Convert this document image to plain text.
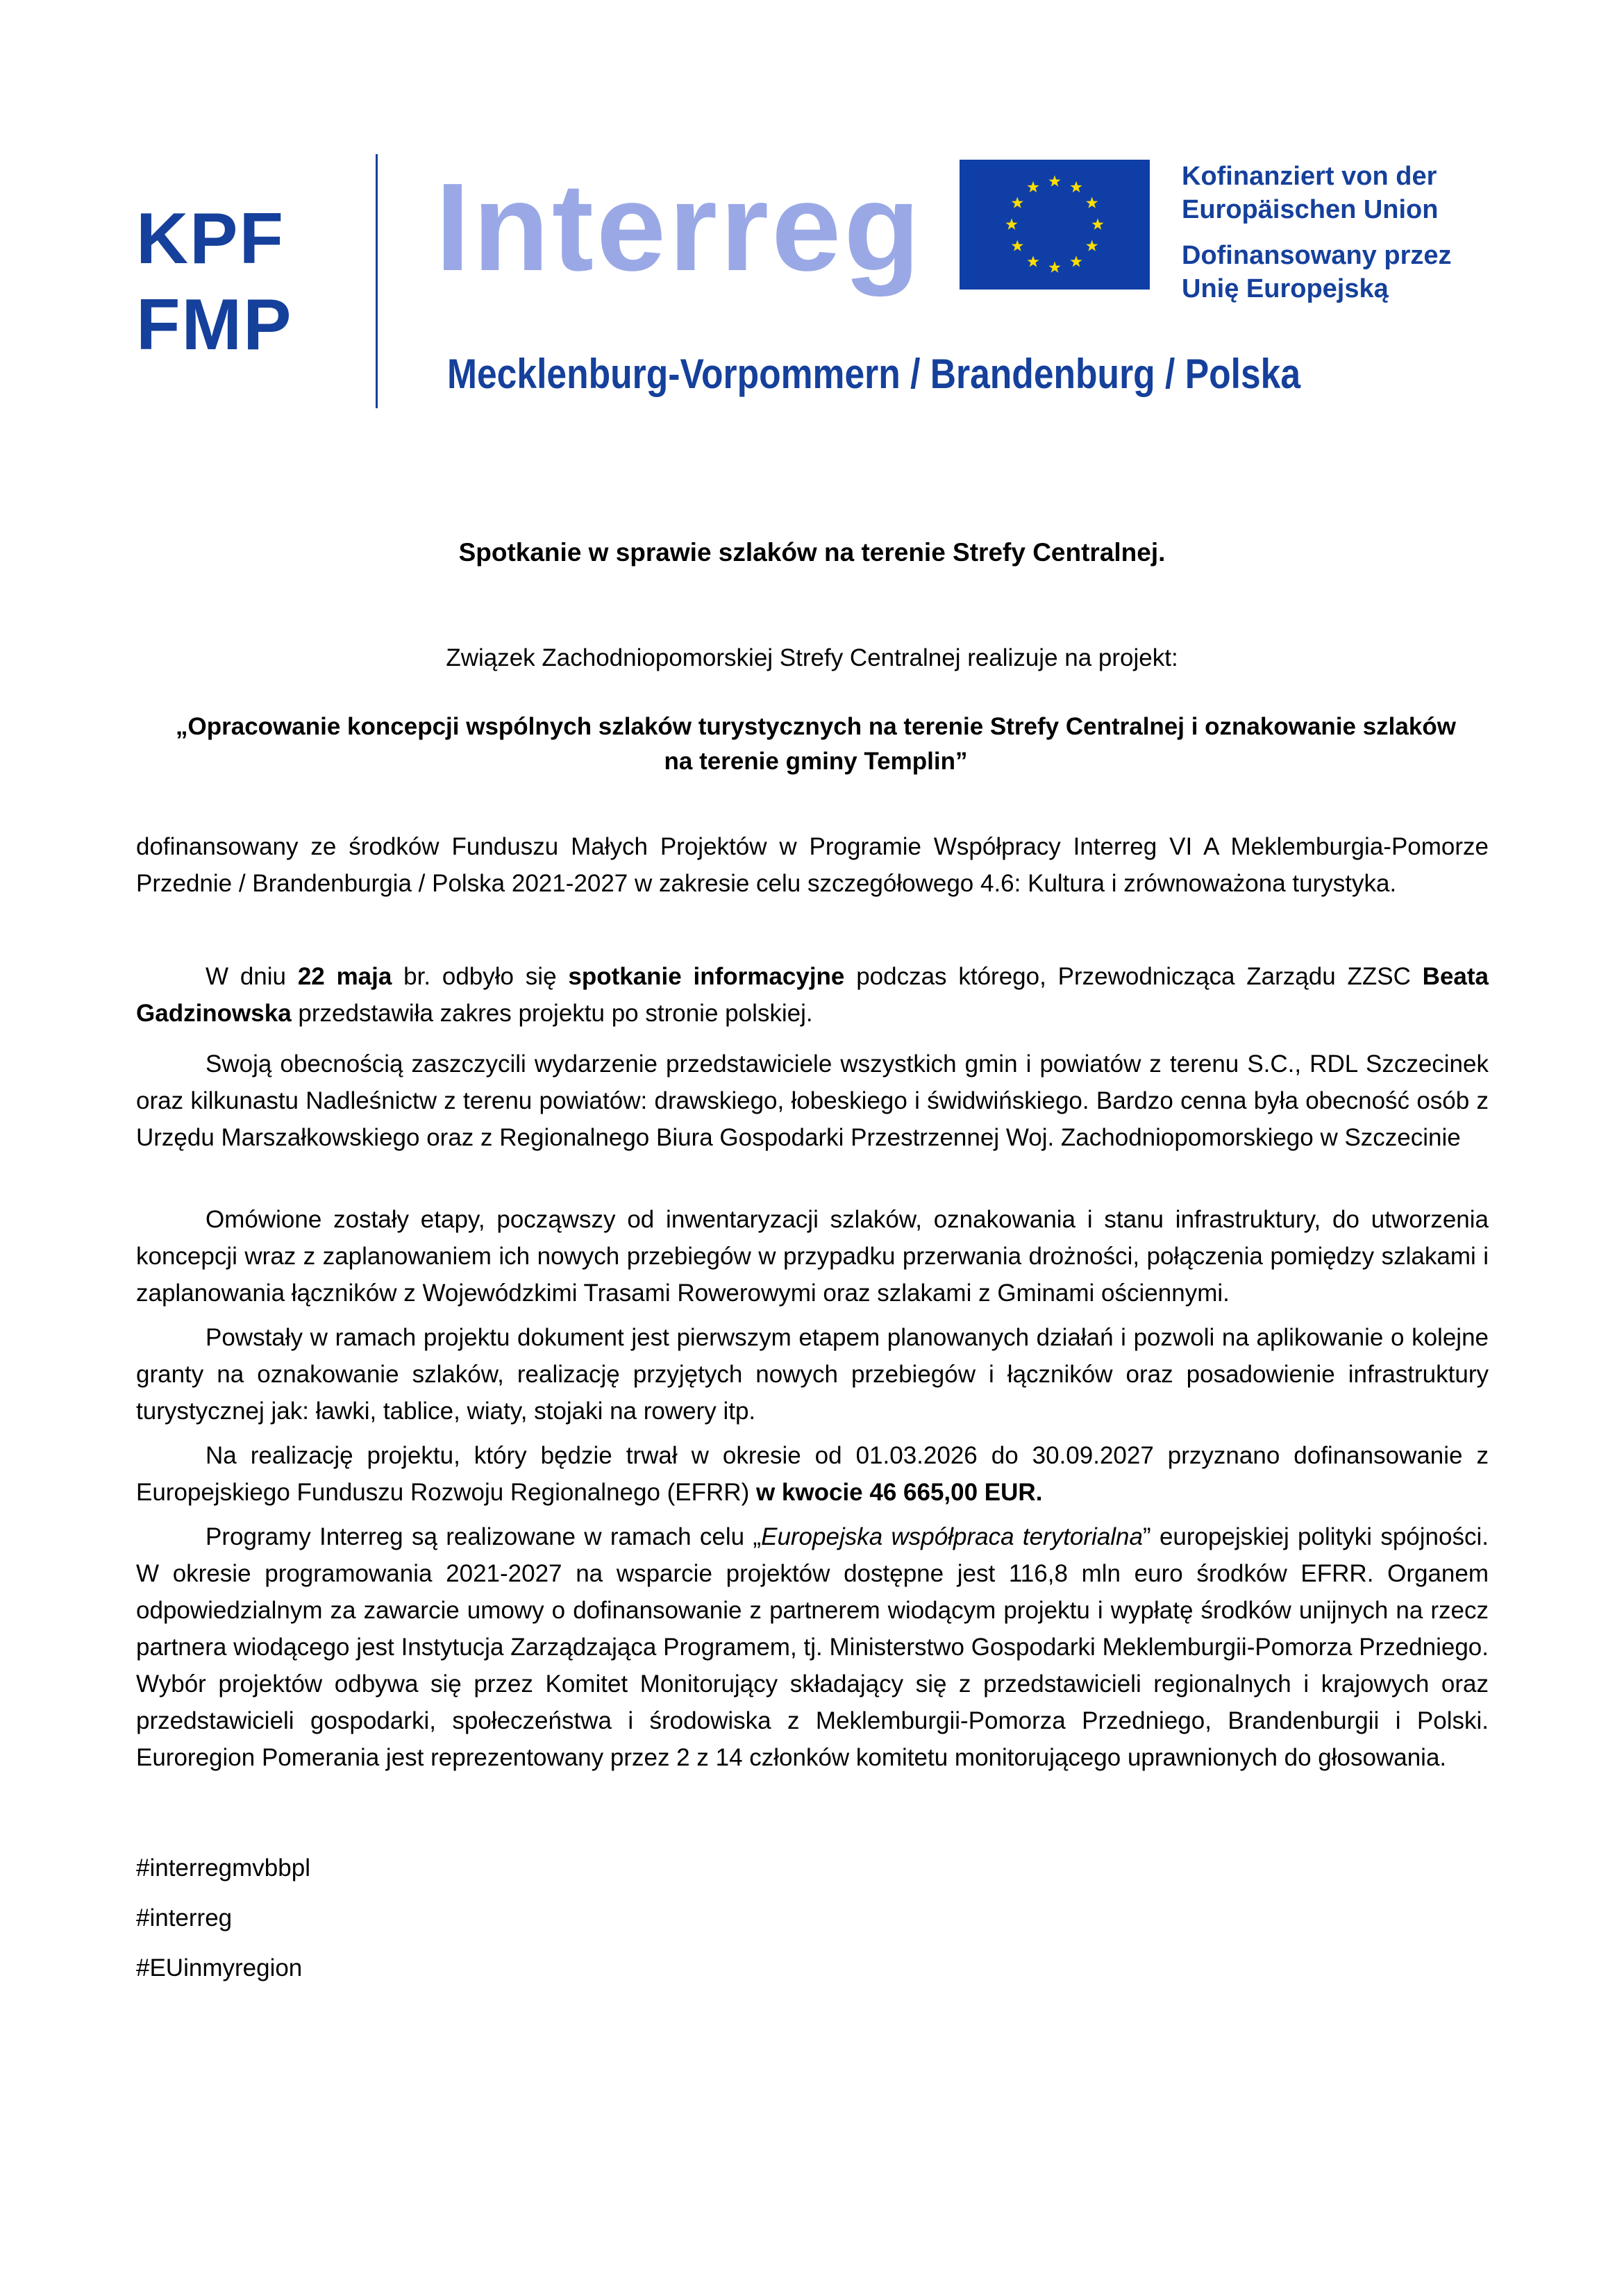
KPF
FMP
Interreg
Mecklenburg-Vorpommern / Brandenburg / Polska
Kofinanziert von der
Europäischen Union
Dofinansowany przez
Unię Europejską
Spotkanie w sprawie szlaków na terenie Strefy Centralnej.
Związek Zachodniopomorskiej Strefy Centralnej realizuje na projekt:
„Opracowanie koncepcji wspólnych szlaków turystycznych na terenie Strefy Centralnej i oznakowanie szlaków
na terenie gminy Templin”

dofinansowany ze środków Funduszu Małych Projektów w Programie Współpracy Interreg VI A Meklemburgia-Pomorze Przednie / Brandenburgia / Polska 2021-2027 w zakresie celu szczegółowego 4.6: Kultura i zrównoważona turystyka.

W dniu 22 maja br. odbyło się spotkanie informacyjne podczas którego, Przewodnicząca Zarządu ZZSC Beata Gadzinowska przedstawiła zakres projektu po stronie polskiej.

Swoją obecnością zaszczycili wydarzenie przedstawiciele wszystkich gmin i powiatów z terenu S.C., RDL Szczecinek oraz kilkunastu Nadleśnictw z terenu powiatów: drawskiego, łobeskiego i świdwińskiego. Bardzo cenna była obecność osób z Urzędu Marszałkowskiego oraz z Regionalnego Biura Gospodarki Przestrzennej Woj. Zachodniopomorskiego w Szczecinie

Omówione zostały etapy, począwszy od inwentaryzacji szlaków, oznakowania i stanu infrastruktury, do utworzenia koncepcji wraz z zaplanowaniem ich nowych przebiegów w przypadku przerwania drożności, połączenia pomiędzy szlakami i zaplanowania łączników z Wojewódzkimi Trasami Rowerowymi oraz szlakami z Gminami ościennymi.

Powstały w ramach projektu dokument jest pierwszym etapem planowanych działań i pozwoli na aplikowanie o kolejne granty na oznakowanie szlaków, realizację przyjętych nowych przebiegów i łączników oraz posadowienie infrastruktury turystycznej jak: ławki, tablice, wiaty, stojaki na rowery itp.

Na realizację projektu, który będzie trwał w okresie od 01.03.2026 do 30.09.2027 przyznano dofinansowanie z Europejskiego Funduszu Rozwoju Regionalnego (EFRR) w kwocie 46 665,00 EUR.

Programy Interreg są realizowane w ramach celu „Europejska współpraca terytorialna” europejskiej polityki spójności. W okresie programowania 2021-2027 na wsparcie projektów dostępne jest 116,8 mln euro środków EFRR. Organem odpowiedzialnym za zawarcie umowy o dofinansowanie z partnerem wiodącym projektu i wypłatę środków unijnych na rzecz partnera wiodącego jest Instytucja Zarządzająca Programem, tj. Ministerstwo Gospodarki Meklemburgii-Pomorza Przedniego. Wybór projektów odbywa się przez Komitet Monitorujący składający się z przedstawicieli regionalnych i krajowych oraz przedstawicieli gospodarki, społeczeństwa i środowiska z Meklemburgii-Pomorza Przedniego, Brandenburgii i Polski. Euroregion Pomerania jest reprezentowany przez 2 z 14 członków komitetu monitorującego uprawnionych do głosowania.

#interregmvbbpl
#interreg
#EUinmyregion
